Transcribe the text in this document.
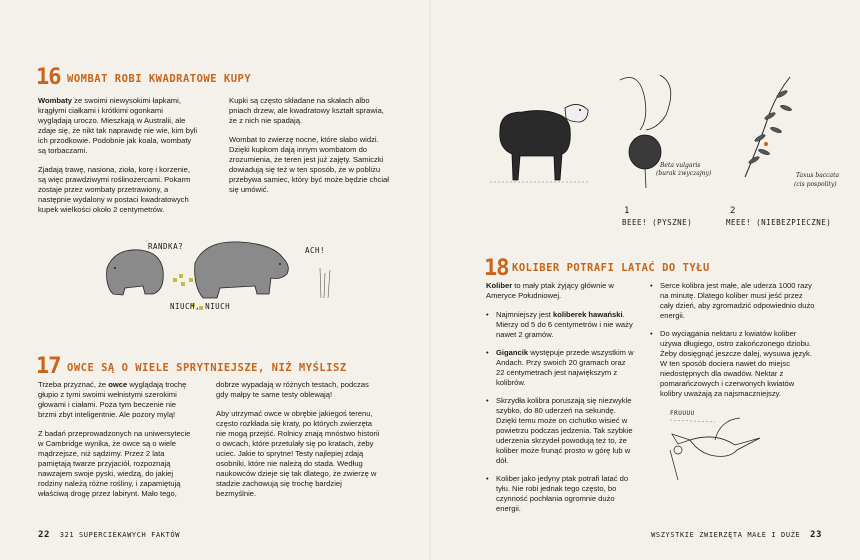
16 WOMBAT ROBI KWADRATOWE KUPY

Wombaty ze swoimi niewysokimi łapkami, krągłymi ciałkami i krótkimi ogonkami wyglądają uroczo. Mieszkają w Australii, ale zdaje się, że nikt tak naprawdę nie wie, kim byli ich przodkowie. Podobnie jak koala, wombaty są torbaczami.

Zjadają trawę, nasiona, zioła, korę i korzenie, są więc prawdziwymi roślinożercami. Pokarm zostaje przez wombaty przetrawiony, a następnie wydalony w postaci kwadratowych kupek wielkości około 2 centymetrów.

Kupki są często składane na skałach albo pniach drzew, ale kwadratowy kształt sprawia, że z nich nie spadają.

Wombat to zwierzę nocne, które słabo widzi. Dzięki kupkom dają innym wombatom do zrozumienia, że teren jest już zajęty. Samiczki dowiadują się też w ten sposób, że w pobliżu przebywa samiec, który być może będzie chciał się umówić.

RANDKA?	ACH!
NIUCH, NIUCH
17 OWCE SĄ O WIELE SPRYTNIEJSZE, NIŻ MYŚLISZ

Trzeba przyznać, że owce wyglądają trochę głupio z tymi swoimi wełnistymi szerokimi głowami i ciałami. Poza tym beczenie nie brzmi zbyt inteligentnie. Ale pozory mylą!

Z badań przeprowadzonych na uniwersytecie w Cambridge wynika, że owce są o wiele mądrzejsze, niż sądzimy. Przez 2 lata pamiętają twarze przyjaciół, rozpoznają nawzajem swoje pyski, wiedzą, do jakiej rodziny należą różne rośliny, i zapamiętują właściwą drogę przez labirynt. Mało tego,

dobrze wypadają w różnych testach, podczas gdy małpy te same testy oblewają!

Aby utrzymać owce w obrębie jakiegoś terenu, często rozkłada się kraty, po których zwierzęta nie mogą przejść. Rolnicy znają mnóstwo historii o owcach, które przetulały się po kratach, żeby uciec. Jakie to sprytne! Testy najlepiej zdają osobniki, które nie należą do stada. Według naukowców dzieje się tak dlatego, że zwierzę w stadzie zachowują się trochę bardziej bezmyślnie.

22 321 SUPERCIEKAWYCH FAKTÓW
Beta vulgaris
(burak zwyczajny)	Taxus baccata
(cis pospolity)
1
BEEE! (PYSZNE)
2
MEEE! (NIEBEZPIECZNE)
18 KOLIBER POTRAFI LATAĆ DO TYŁU

Koliber to mały ptak żyjący głównie w Ameryce Południowej.

• Najmniejszy jest koliberek hawański. Mierzy od 5 do 6 centymetrów i nie waży nawet 2 gramów.
• Gigancik występuje przede wszystkim w Andach. Przy swoich 20 gramach oraz 22 centymetrach jest największym z kolibrów.
• Skrzydła kolibra poruszają się niezwykle szybko, do 80 uderzeń na sekundę. Dzięki temu może on cichutko wisieć w powietrzu podczas jedzenia. Tak szybkie uderzenia skrzydeł powodują też to, że koliber może frunąć prosto w górę lub w dół.
• Koliber jako jedyny ptak potrafi latać do tyłu. Nie robi jednak tego często, bo czynność pochłania ogromnie dużo energii.
• Serce kolibra jest małe, ale uderza 1000 razy na minutę. Dlatego koliber musi jeść przez cały dzień, aby zgromadzić odpowiednio dużo energii.
• Do wyciągania nektaru z kwiatów koliber używa długiego, ostro zakończonego dziobu. Żeby dosięgnąć jeszcze dalej, wysuwa język. W ten sposób dociera nawet do miejsc niedostępnych dla owadów. Nektar z pomarańczowych i czerwonych kwiatów kolibry uważają za najsmaczniejszy.
FRUUUU
WSZYSTKIE ZWIERZĘTA MAŁE I DUŻE 23
